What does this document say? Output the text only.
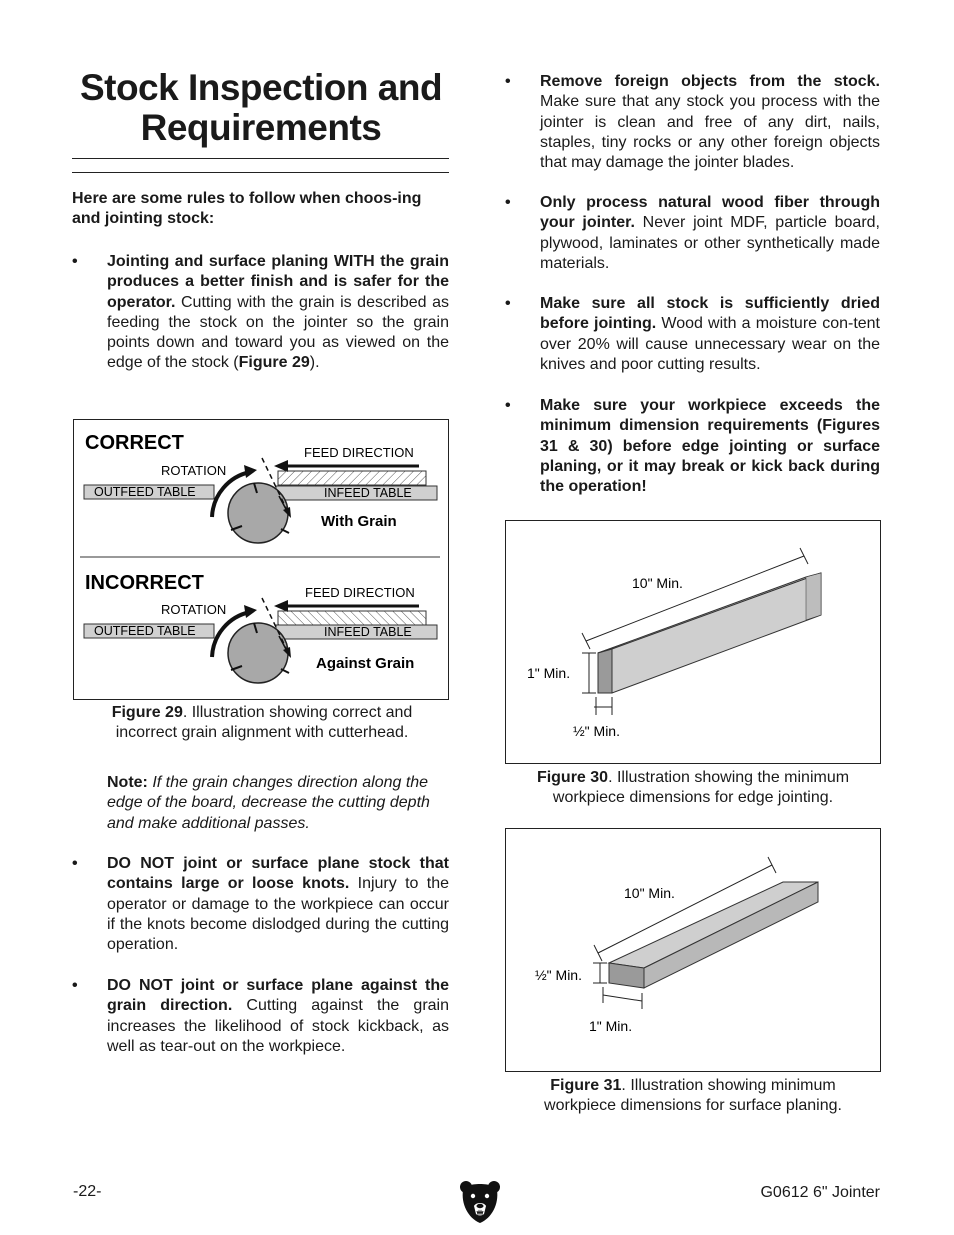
Stock Inspection and
Requirements
Here are some rules to follow when choos-ing and jointing stock:
• Jointing and surface planing WITH the grain produces a better finish and is safer for the operator. Cutting with the grain is described as feeding the stock on the jointer so the grain points down and toward you as viewed on the edge of the stock (Figure 29).
CORRECT	FEED DIRECTION
ROTATION
OUTFEED TABLE	INFEED TABLE
With Grain
INCORRECT	FEED DIRECTION
ROTATION
OUTFEED TABLE	INFEED TABLE
Against Grain
Figure 29. Illustration showing correct and
incorrect grain alignment with cutterhead.
Note: If the grain changes direction along the edge of the board, decrease the cutting depth and make additional passes.
• DO NOT joint or surface plane stock that contains large or loose knots. Injury to the operator or damage to the workpiece can occur if the knots become dislodged during the cutting operation.
• DO NOT joint or surface plane against the grain direction. Cutting against the grain increases the likelihood of stock kickback, as well as tear-out on the workpiece.
• Remove foreign objects from the stock. Make sure that any stock you process with the jointer is clean and free of any dirt, nails, staples, tiny rocks or any other foreign objects that may damage the jointer blades.
• Only process natural wood fiber through your jointer. Never joint MDF, particle board, plywood, laminates or other synthetically made materials.
• Make sure all stock is sufficiently dried before jointing. Wood with a moisture con-tent over 20% will cause unnecessary wear on the knives and poor cutting results.
• Make sure your workpiece exceeds the minimum dimension requirements (Figures 31 & 30) before edge jointing or surface planing, or it may break or kick back during the operation!
10" Min.
1" Min.
½" Min.
Figure 30. Illustration showing the minimum
workpiece dimensions for edge jointing.
10" Min.
½" Min.
1" Min.
Figure 31. Illustration showing minimum
workpiece dimensions for surface planing.
-22-	G0612 6" Jointer
